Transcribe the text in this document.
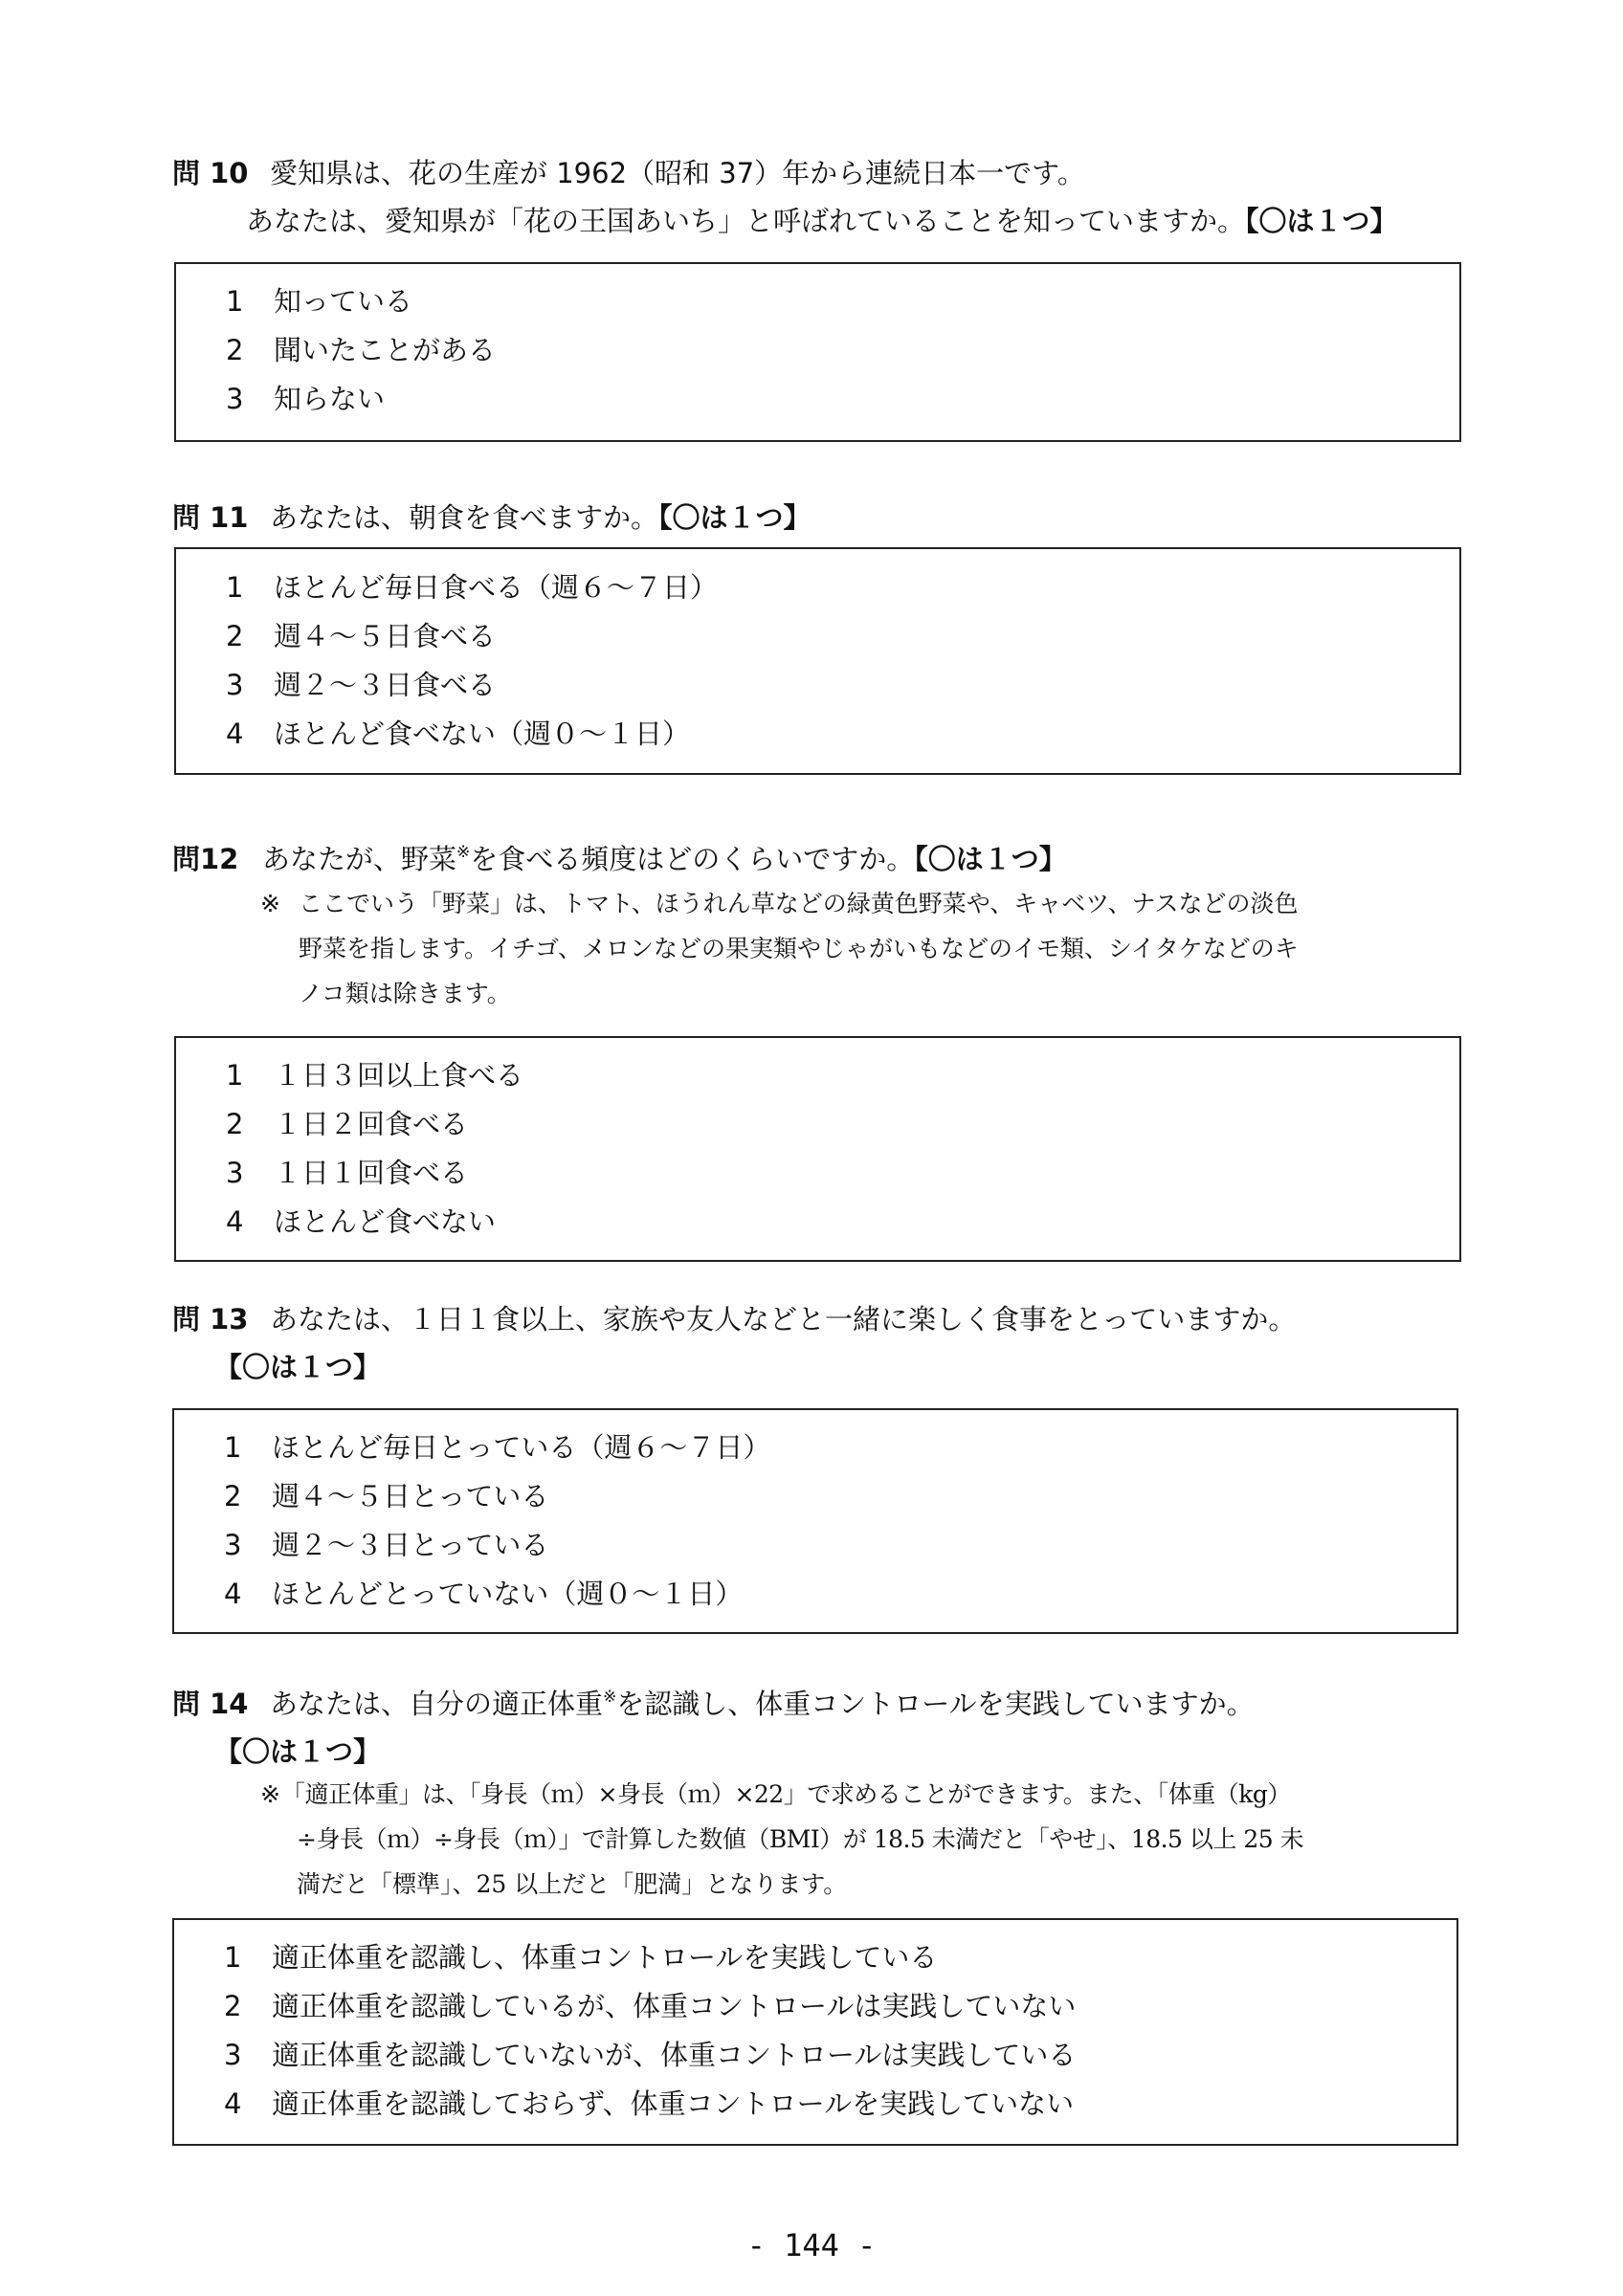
問 10 愛知県は、花の生産が 1962（昭和 37）年から連続日本一です。
あなたは、愛知県が「花の王国あいち」と呼ばれていることを知っていますか。【〇は１つ】
1 知っている
2 聞いたことがある
3 知らない
問 11 あなたは、朝食を食べますか。【〇は１つ】
1 ほとんど毎日食べる（週６～７日）
2 週４～５日食べる
3 週２～３日食べる
4 ほとんど食べない（週０～１日）
問12 あなたが、野菜※を食べる頻度はどのくらいですか。【〇は１つ】
※ ここでいう「野菜」は、トマト、ほうれん草などの緑黄色野菜や、キャベツ、ナスなどの淡色
野菜を指します。イチゴ、メロンなどの果実類やじゃがいもなどのイモ類、シイタケなどのキ
ノコ類は除きます。
1 １日３回以上食べる
2 １日２回食べる
3 １日１回食べる
4 ほとんど食べない
問 13 あなたは、１日１食以上、家族や友人などと一緒に楽しく食事をとっていますか。
【〇は１つ】
1 ほとんど毎日とっている（週６～７日）
2 週４～５日とっている
3 週２～３日とっている
4 ほとんどとっていない（週０～１日）
問 14 あなたは、自分の適正体重※を認識し、体重コントロールを実践していますか。
【〇は１つ】
※ 「適正体重」は、「身長（ｍ）×身長（ｍ）×22」で求めることができます。また、「体重（kg）
÷身長（ｍ）÷身長（ｍ）」で計算した数値（BMI）が 18.5 未満だと「やせ」、18.5 以上 25 未
満だと「標準」、25 以上だと「肥満」となります。
1 適正体重を認識し、体重コントロールを実践している
2 適正体重を認識しているが、体重コントロールは実践していない
3 適正体重を認識していないが、体重コントロールは実践している
4 適正体重を認識しておらず、体重コントロールを実践していない
- 144 -
